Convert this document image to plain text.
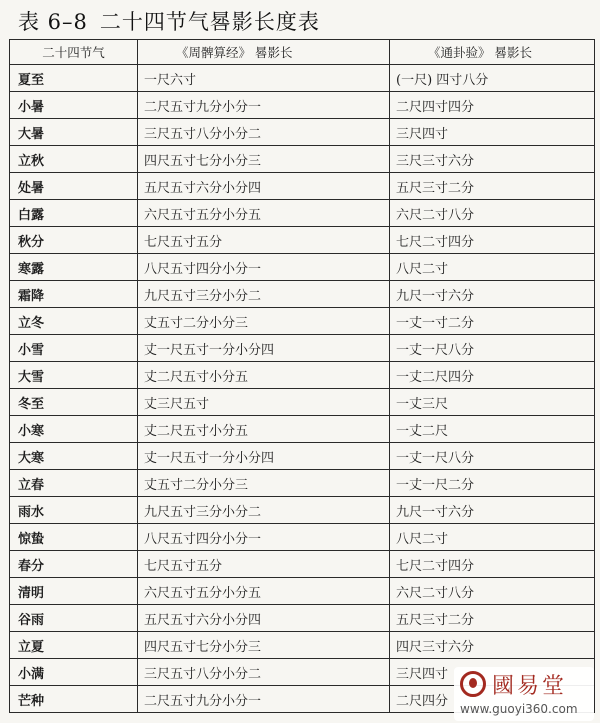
表 6–8 二十四节气晷影长度表
二十四节气	《周髀算经》 晷影长	《通卦验》 晷影长
夏至	一尺六寸	(一尺) 四寸八分
小暑	二尺五寸九分小分一	二尺四寸四分
大暑	三尺五寸八分小分二	三尺四寸
立秋	四尺五寸七分小分三	三尺三寸六分
处暑	五尺五寸六分小分四	五尺三寸二分
白露	六尺五寸五分小分五	六尺二寸八分
秋分	七尺五寸五分	七尺二寸四分
寒露	八尺五寸四分小分一	八尺二寸
霜降	九尺五寸三分小分二	九尺一寸六分
立冬	丈五寸二分小分三	一丈一寸二分
小雪	丈一尺五寸一分小分四	一丈一尺八分
大雪	丈二尺五寸小分五	一丈二尺四分
冬至	丈三尺五寸	一丈三尺
小寒	丈二尺五寸小分五	一丈二尺
大寒	丈一尺五寸一分小分四	一丈一尺八分
立春	丈五寸二分小分三	一丈一尺二分
雨水	九尺五寸三分小分二	九尺一寸六分
惊蛰	八尺五寸四分小分一	八尺二寸
春分	七尺五寸五分	七尺二寸四分
清明	六尺五寸五分小分五	六尺二寸八分
谷雨	五尺五寸六分小分四	五尺三寸二分
立夏	四尺五寸七分小分三	四尺三寸六分
小满	三尺五寸八分小分二	三尺四寸
芒种	二尺五寸九分小分一	二尺四分
國易堂
www.guoyi360.com
